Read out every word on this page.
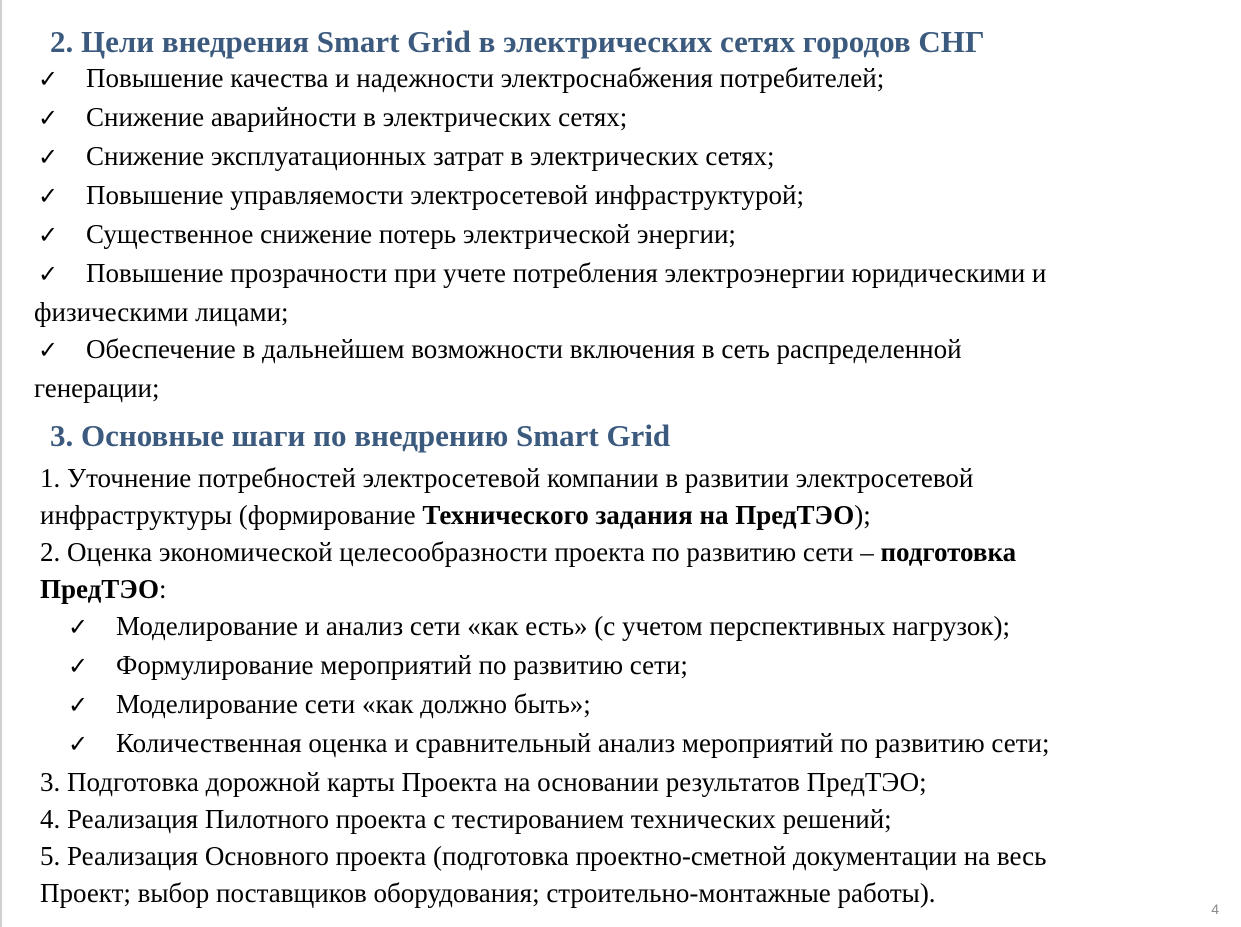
2. Цели внедрения Smart Grid в электрических сетях городов СНГ
✓ Повышение качества и надежности электроснабжения потребителей;
✓ Снижение аварийности в электрических сетях;
✓ Снижение эксплуатационных затрат в электрических сетях;
✓ Повышение управляемости электросетевой инфраструктурой;
✓ Существенное снижение потерь электрической энергии;
✓ Повышение прозрачности при учете потребления электроэнергии юридическими и
физическими лицами;
✓ Обеспечение в дальнейшем возможности включения в сеть распределенной
генерации;
3. Основные шаги по внедрению Smart Grid
1. Уточнение потребностей электросетевой компании в развитии электросетевой
инфраструктуры (формирование Технического задания на ПредТЭО);
2. Оценка экономической целесообразности проекта по развитию сети – подготовка
ПредТЭО:
✓ Моделирование и анализ сети «как есть» (с учетом перспективных нагрузок);
✓ Формулирование мероприятий по развитию сети;
✓ Моделирование сети «как должно быть»;
✓ Количественная оценка и сравнительный анализ мероприятий по развитию сети;
3. Подготовка дорожной карты Проекта на основании результатов ПредТЭО;
4. Реализация Пилотного проекта с тестированием технических решений;
5. Реализация Основного проекта (подготовка проектно-сметной документации на весь
Проект; выбор поставщиков оборудования; строительно-монтажные работы).
4
